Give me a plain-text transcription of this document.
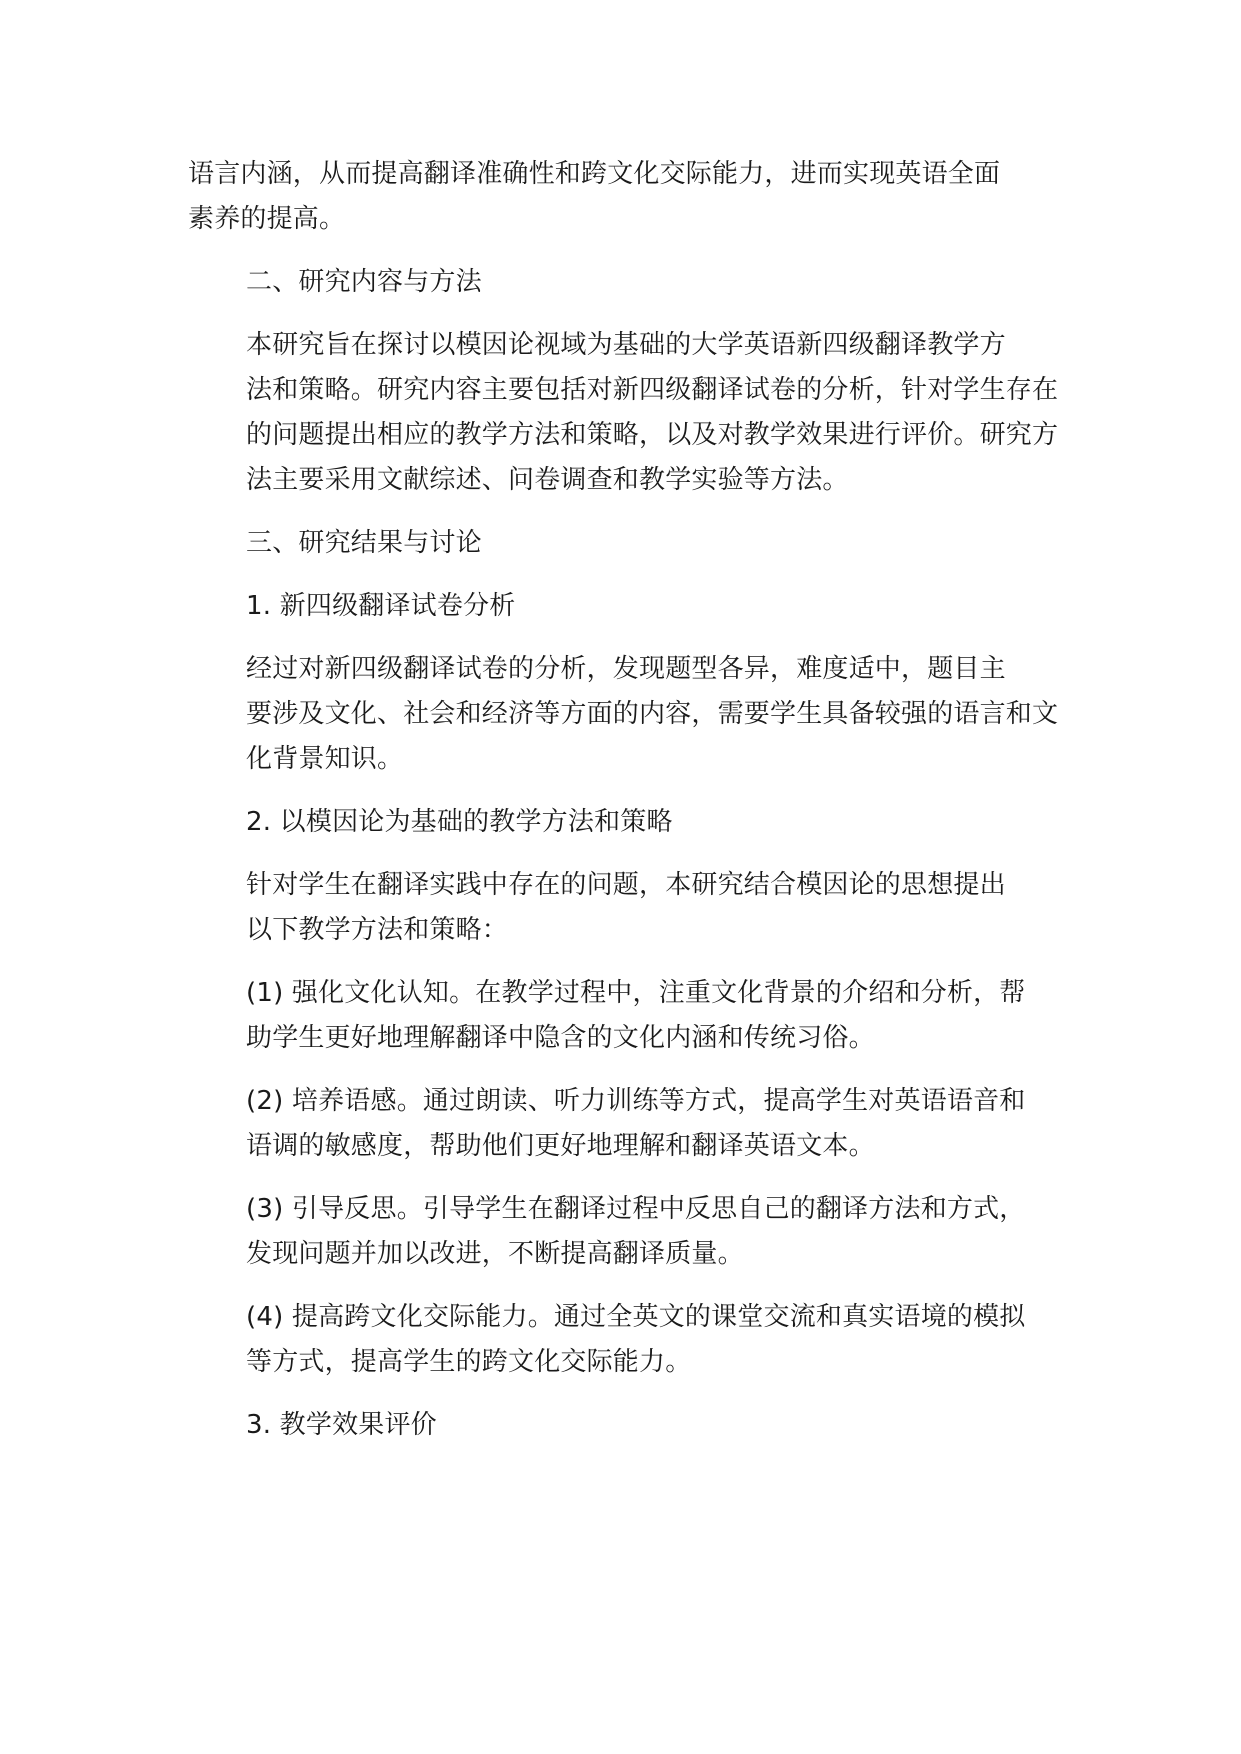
语言内涵，从而提高翻译准确性和跨文化交际能力，进而实现英语全面
素养的提高。

二、研究内容与方法

本研究旨在探讨以模因论视域为基础的大学英语新四级翻译教学方
法和策略。研究内容主要包括对新四级翻译试卷的分析，针对学生存在
的问题提出相应的教学方法和策略，以及对教学效果进行评价。研究方
法主要采用文献综述、问卷调查和教学实验等方法。

三、研究结果与讨论

1. 新四级翻译试卷分析

经过对新四级翻译试卷的分析，发现题型各异，难度适中，题目主
要涉及文化、社会和经济等方面的内容，需要学生具备较强的语言和文
化背景知识。

2. 以模因论为基础的教学方法和策略

针对学生在翻译实践中存在的问题，本研究结合模因论的思想提出
以下教学方法和策略：

(1) 强化文化认知。在教学过程中，注重文化背景的介绍和分析，帮
助学生更好地理解翻译中隐含的文化内涵和传统习俗。

(2) 培养语感。通过朗读、听力训练等方式，提高学生对英语语音和
语调的敏感度，帮助他们更好地理解和翻译英语文本。

(3) 引导反思。引导学生在翻译过程中反思自己的翻译方法和方式，
发现问题并加以改进，不断提高翻译质量。

(4) 提高跨文化交际能力。通过全英文的课堂交流和真实语境的模拟
等方式，提高学生的跨文化交际能力。

3. 教学效果评价
